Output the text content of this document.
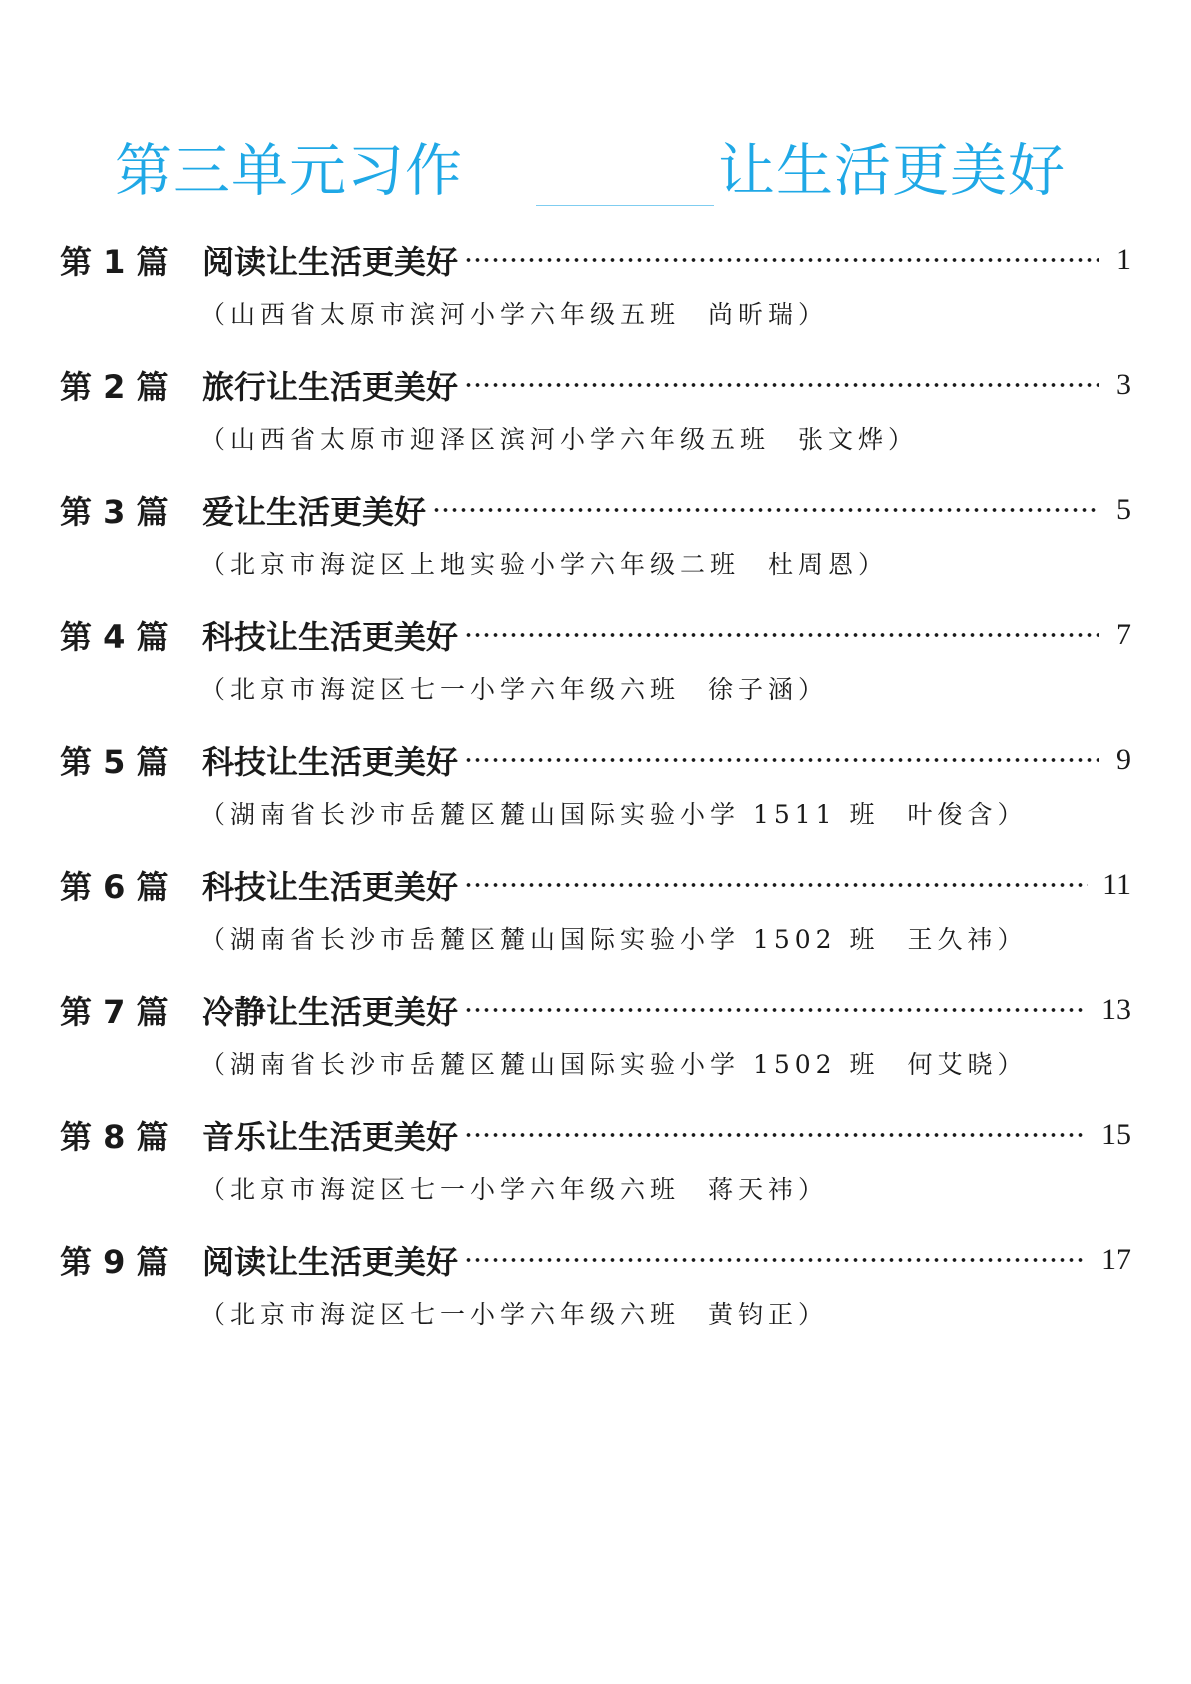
第三单元习作	让生活更美好
第 1 篇	阅读让生活更美好	1
（山西省太原市滨河小学六年级五班 尚昕瑞）
第 2 篇	旅行让生活更美好	3
（山西省太原市迎泽区滨河小学六年级五班 张文烨）
第 3 篇	爱让生活更美好	5
（北京市海淀区上地实验小学六年级二班 杜周恩）
第 4 篇	科技让生活更美好	7
（北京市海淀区七一小学六年级六班 徐子涵）
第 5 篇	科技让生活更美好	9
（湖南省长沙市岳麓区麓山国际实验小学 1511 班 叶俊含）
第 6 篇	科技让生活更美好	11
（湖南省长沙市岳麓区麓山国际实验小学 1502 班 王久祎）
第 7 篇	冷静让生活更美好	13
（湖南省长沙市岳麓区麓山国际实验小学 1502 班 何艾晓）
第 8 篇	音乐让生活更美好	15
（北京市海淀区七一小学六年级六班 蒋天祎）
第 9 篇	阅读让生活更美好	17
（北京市海淀区七一小学六年级六班 黄钧正）
